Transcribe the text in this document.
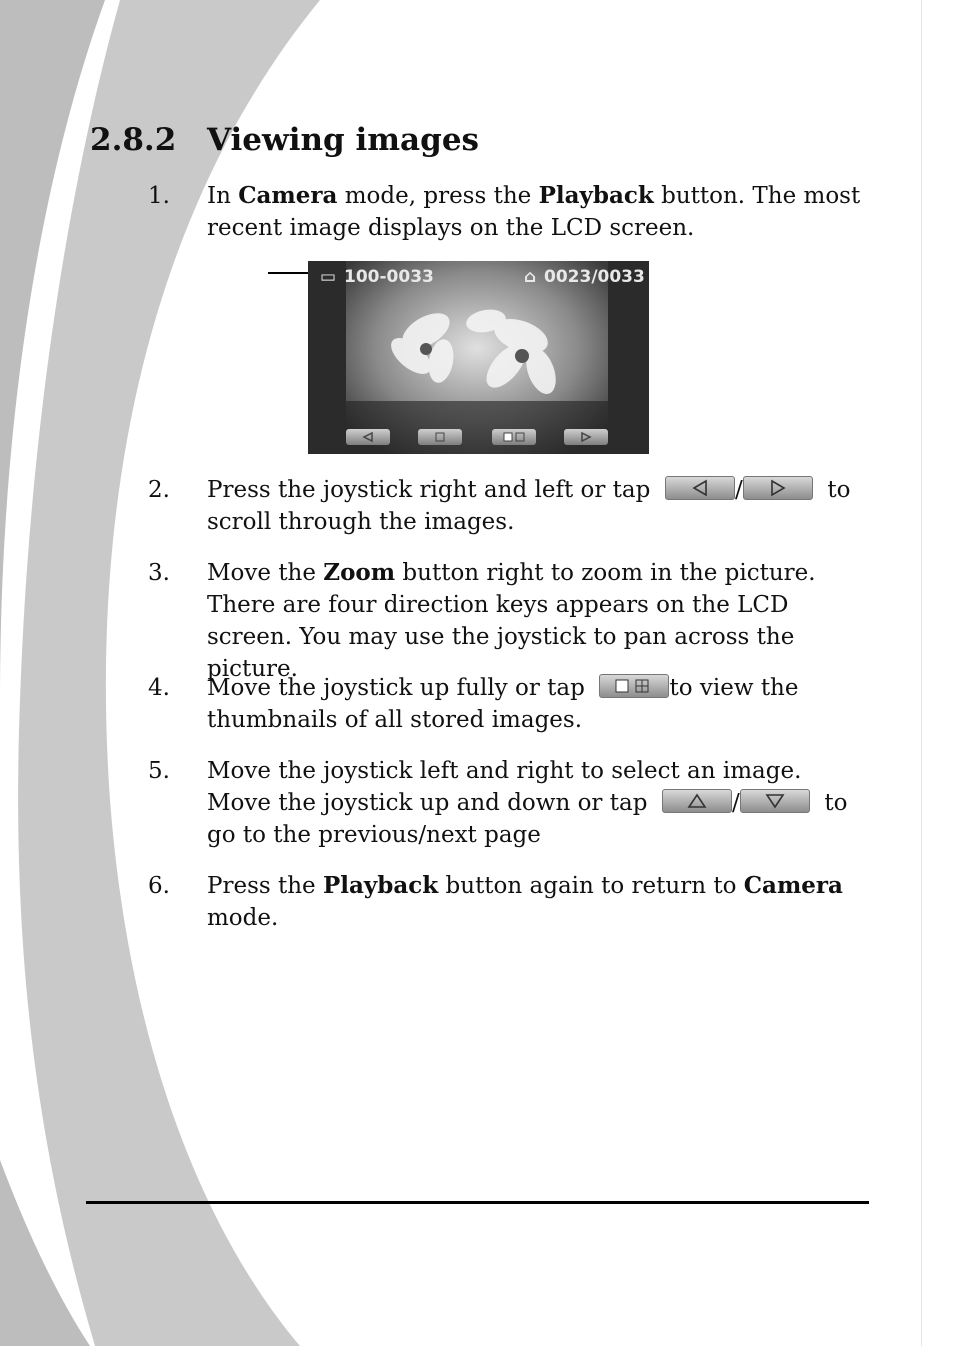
2.8.2 Viewing images
1. In Camera mode, press the Playback button. The most recent image displays on the LCD screen.
▭ 100-0033	⌂ 0023/0033
2. Press the joystick right and left or tap	/	to scroll through the images.
3. Move the Zoom button right to zoom in the picture. There are four direction keys appears on the LCD screen. You may use the joystick to pan across the picture.
4. Move the joystick up fully or tap	to view the thumbnails of all stored images.
5. Move the joystick left and right to select an image. Move the joystick up and down or tap	/	to go to the previous/next page
6. Press the Playback button again to return to Camera mode.
